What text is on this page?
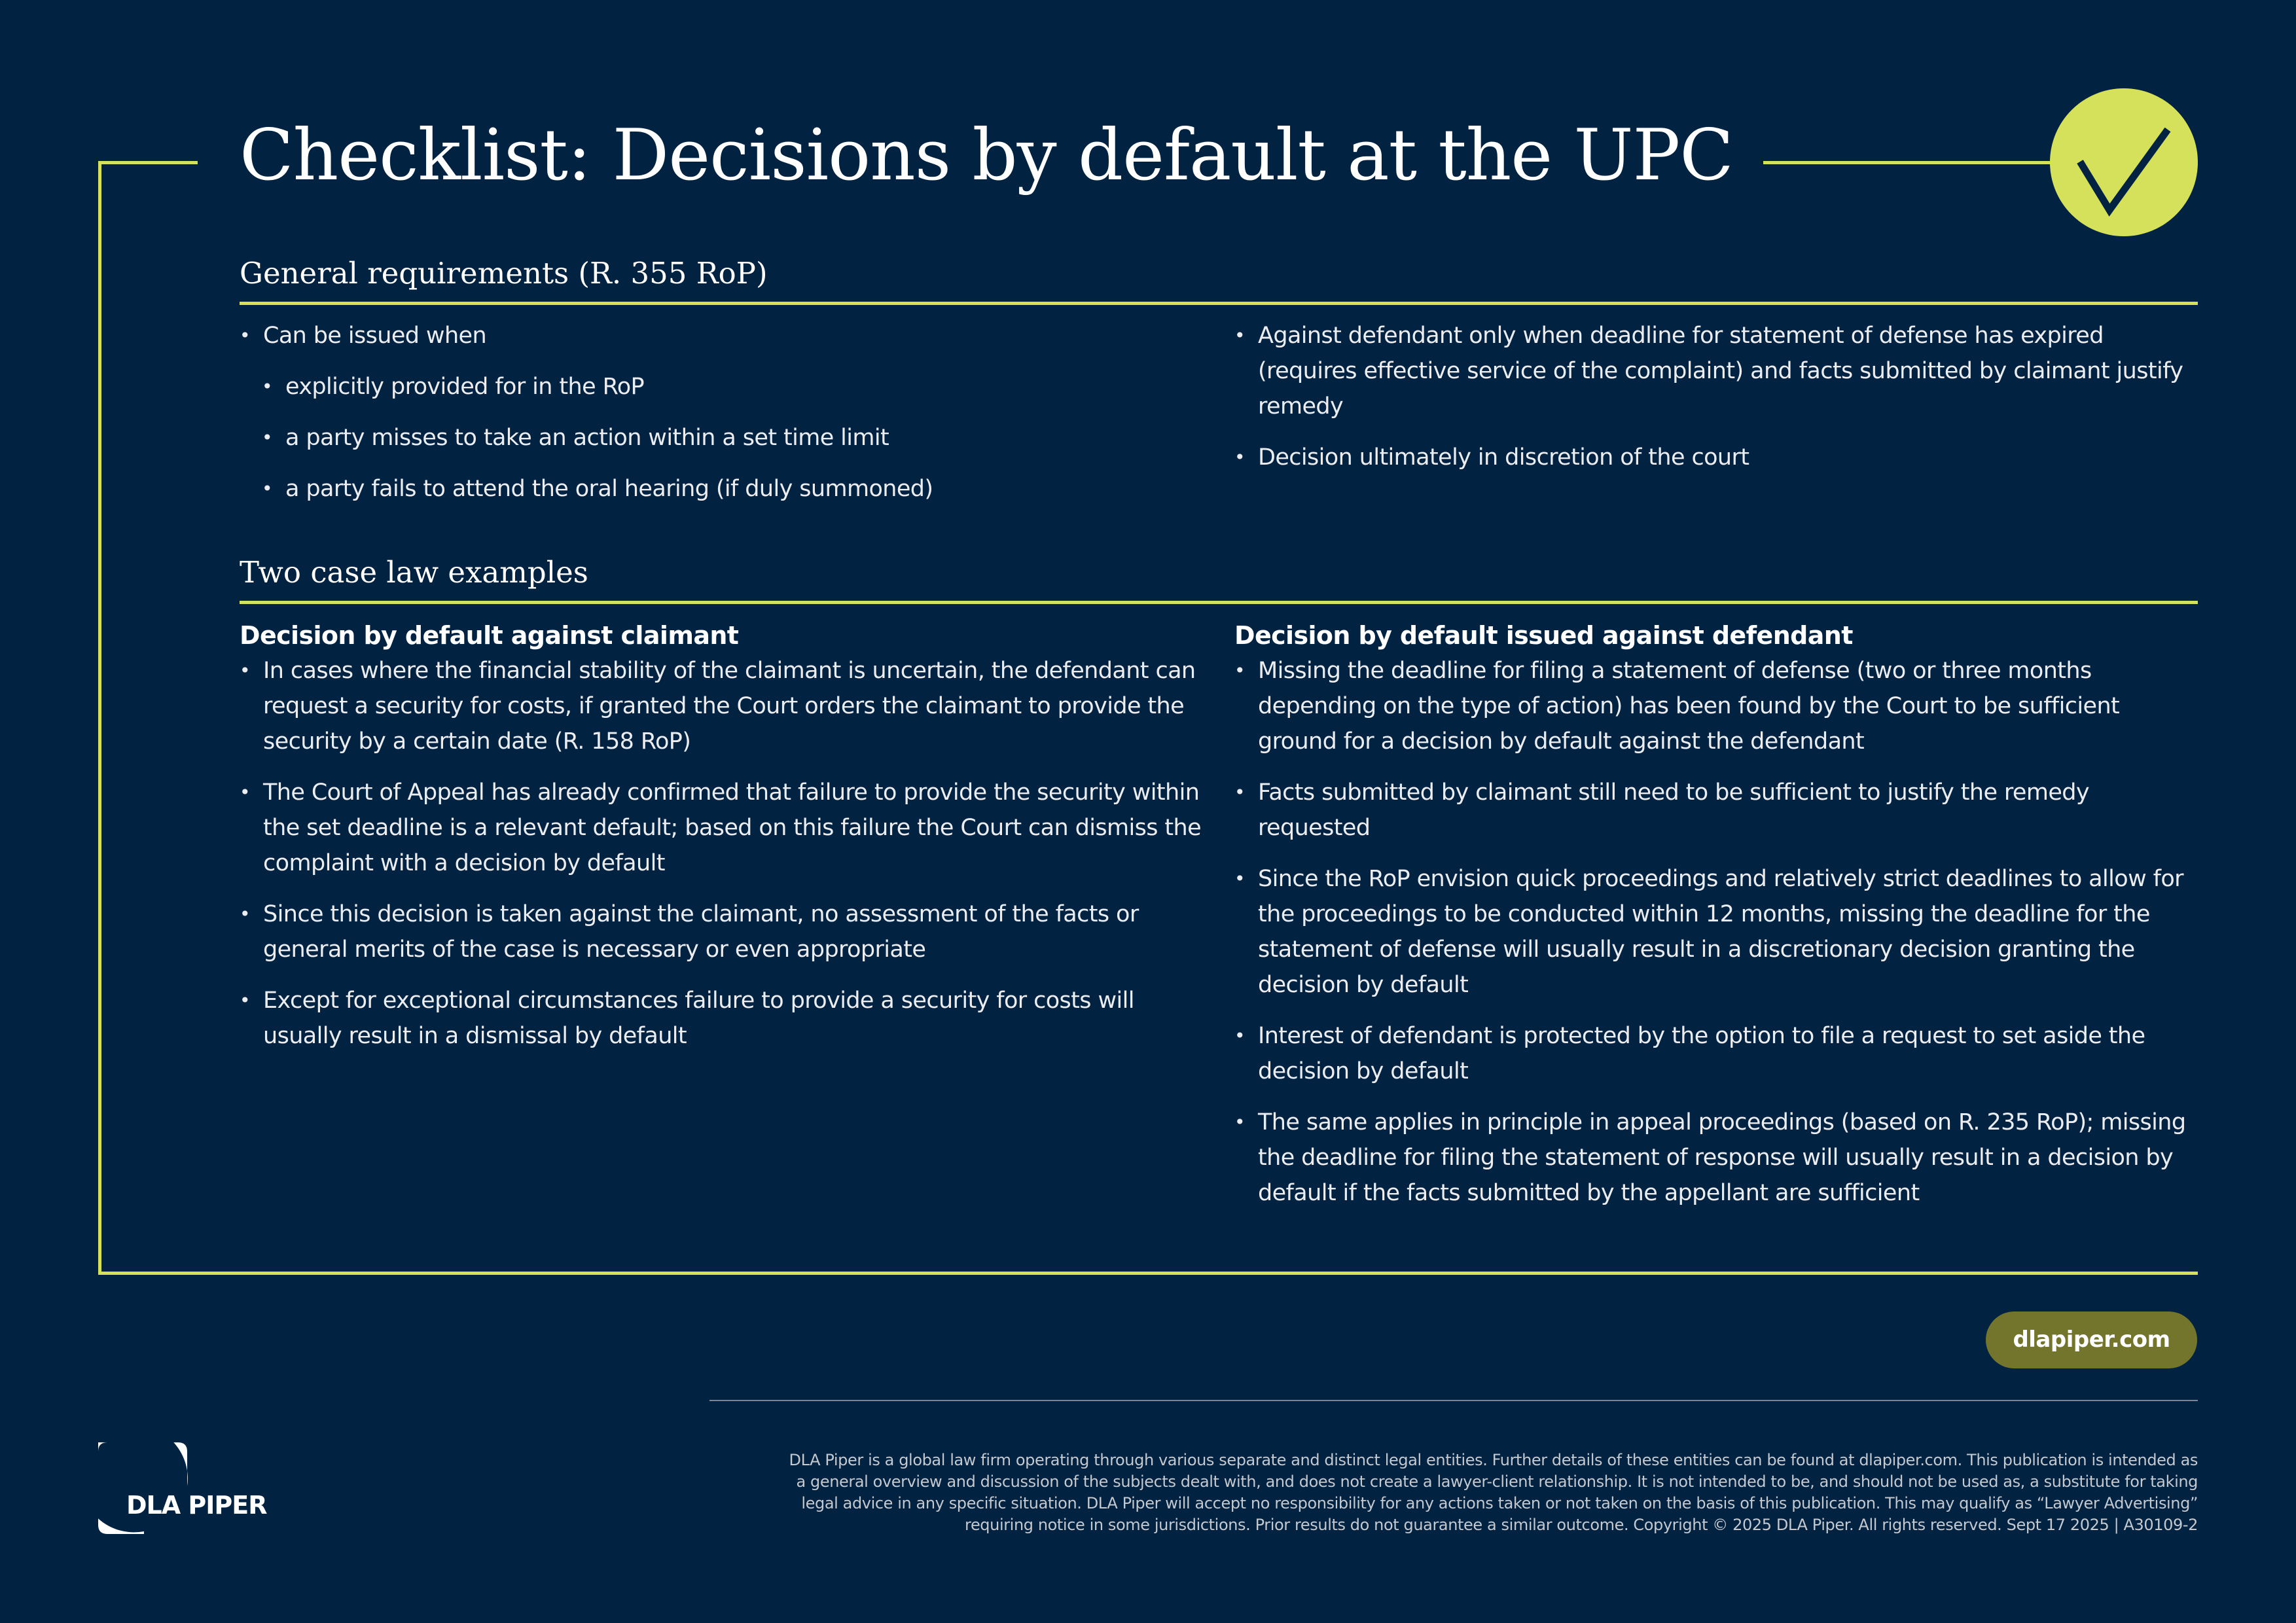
Checklist: Decisions by default at the UPC
General requirements (R. 355 RoP)
• Can be issued when
• explicitly provided for in the RoP
• a party misses to take an action within a set time limit
• a party fails to attend the oral hearing (if duly summoned)
• Against defendant only when deadline for statement of defense has expired (requires effective service of the complaint) and facts submitted by claimant justify remedy
• Decision ultimately in discretion of the court
Two case law examples
Decision by default against claimant
• In cases where the financial stability of the claimant is uncertain, the defendant can request a security for costs, if granted the Court orders the claimant to provide the security by a certain date (R. 158 RoP)
• The Court of Appeal has already confirmed that failure to provide the security within the set deadline is a relevant default; based on this failure the Court can dismiss the complaint with a decision by default
• Since this decision is taken against the claimant, no assessment of the facts or general merits of the case is necessary or even appropriate
• Except for exceptional circumstances failure to provide a security for costs will usually result in a dismissal by default
Decision by default issued against defendant
• Missing the deadline for filing a statement of defense (two or three months depending on the type of action) has been found by the Court to be sufficient ground for a decision by default against the defendant
• Facts submitted by claimant still need to be sufficient to justify the remedy requested
• Since the RoP envision quick proceedings and relatively strict deadlines to allow for the proceedings to be conducted within 12 months, missing the deadline for the statement of defense will usually result in a discretionary decision granting the decision by default
• Interest of defendant is protected by the option to file a request to set aside the decision by default
• The same applies in principle in appeal proceedings (based on R. 235 RoP); missing the deadline for filing the statement of response will usually result in a decision by default if the facts submitted by the appellant are sufficient
dlapiper.com
DLA Piper is a global law firm operating through various separate and distinct legal entities. Further details of these entities can be found at dlapiper.com. This publication is intended as
a general overview and discussion of the subjects dealt with, and does not create a lawyer-client relationship. It is not intended to be, and should not be used as, a substitute for taking
legal advice in any specific situation. DLA Piper will accept no responsibility for any actions taken or not taken on the basis of this publication. This may qualify as “Lawyer Advertising”
requiring notice in some jurisdictions. Prior results do not guarantee a similar outcome. Copyright © 2025 DLA Piper. All rights reserved. Sept 17 2025 | A30109-2
DLA PIPER
